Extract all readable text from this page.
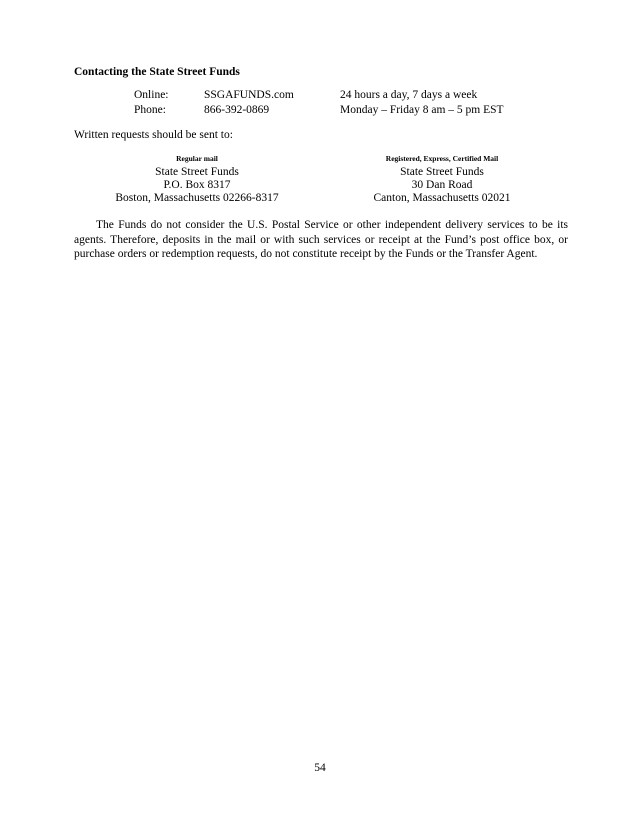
Contacting the State Street Funds
Online:	SSGAFUNDS.com	24 hours a day, 7 days a week
Phone:	866-392-0869	Monday – Friday 8 am – 5 pm EST

Written requests should be sent to:

Regular mail
State Street Funds
P.O. Box 8317
Boston, Massachusetts 02266-8317
Registered, Express, Certified Mail
State Street Funds
30 Dan Road
Canton, Massachusetts 02021

The Funds do not consider the U.S. Postal Service or other independent delivery services to be its agents. Therefore, deposits in the mail or with such services or receipt at the Fund’s post office box, or purchase orders or redemption requests, do not constitute receipt by the Funds or the Transfer Agent.

54
